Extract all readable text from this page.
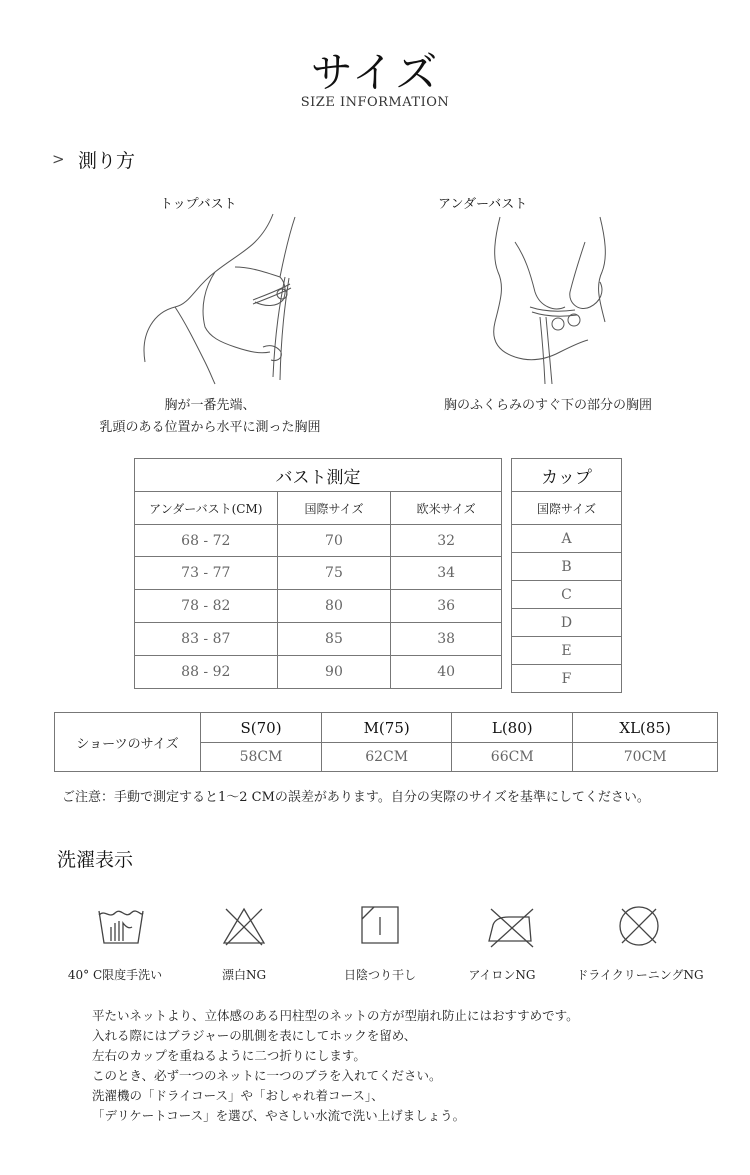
サイズ
SIZE INFORMATION
> 測り方
トップバスト	アンダーバスト
胸が一番先端、
乳頭のある位置から水平に測った胸囲
胸のふくらみのすぐ下の部分の胸囲
バスト測定		
アンダーバスト(CM)	国際サイズ	欧米サイズ
68 - 72	70	32
73 - 77	75	34
78 - 82	80	36
83 - 87	85	38
88 - 92	90	40
カップ
国際サイズ
A
B
C
D
E
F
ショーツのサイズ	S(70)	M(75)	L(80)	XL(85)
	58CM	62CM	66CM	70CM
ご注意：手動で測定すると1～2 CMの誤差があります。自分の実際のサイズを基準にしてください。
洗濯表示
40° C限度手洗い	漂白NG	日陰つり干し	アイロンNG	ドライクリーニングNG
平たいネットより、立体感のある円柱型のネットの方が型崩れ防止にはおすすめです。
入れる際にはブラジャーの肌側を表にしてホックを留め、
左右のカップを重ねるように二つ折りにします。
このとき、必ず一つのネットに一つのブラを入れてください。
洗濯機の「ドライコース」や「おしゃれ着コース」、
「デリケートコース」を選び、やさしい水流で洗い上げましょう。
